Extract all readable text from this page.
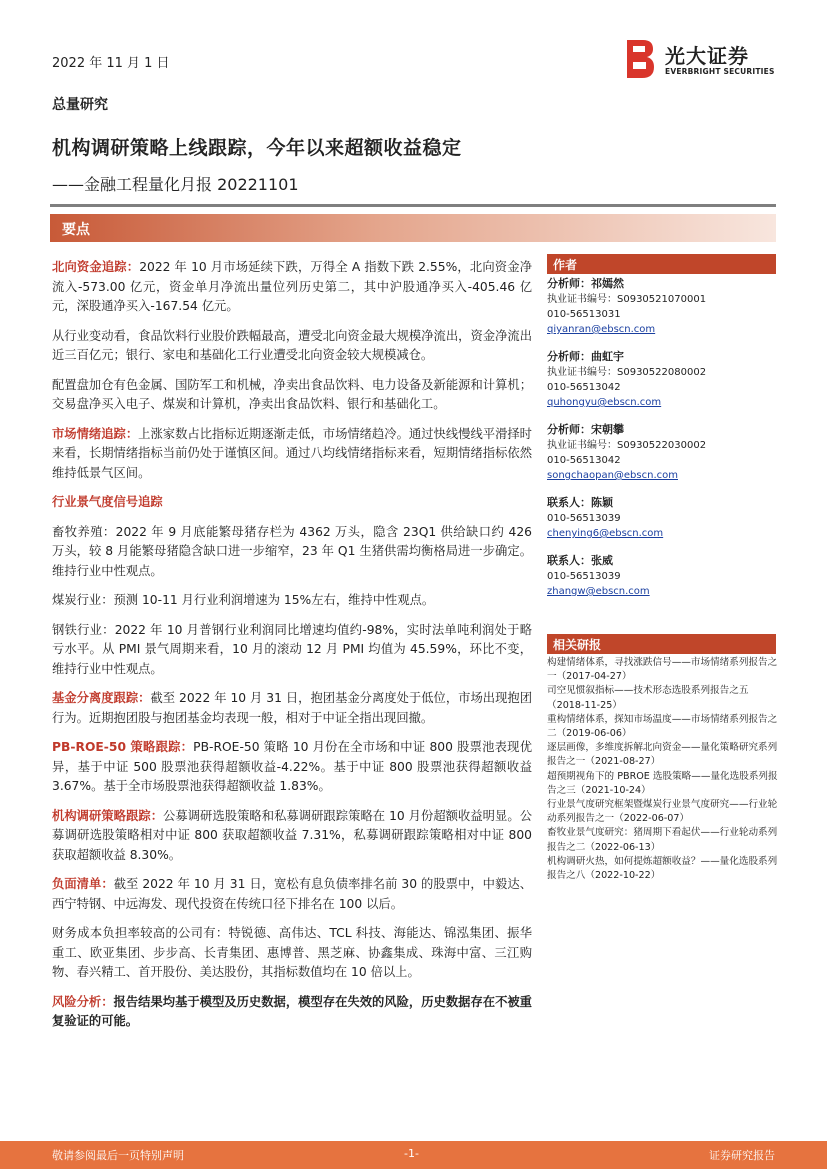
2022 年 11 月 1 日	光大证券
EVERBRIGHT SECURITIES
总量研究
机构调研策略上线跟踪，今年以来超额收益稳定
——金融工程量化月报 20221101
要点

北向资金追踪：2022 年 10 月市场延续下跌，万得全 A 指数下跌 2.55%，北向资金净流入-573.00 亿元，资金单月净流出量位列历史第二，其中沪股通净买入-405.46 亿元，深股通净买入-167.54 亿元。

从行业变动看，食品饮料行业股价跌幅最高，遭受北向资金最大规模净流出，资金净流出近三百亿元；银行、家电和基础化工行业遭受北向资金较大规模减仓。

配置盘加仓有色金属、国防军工和机械，净卖出食品饮料、电力设备及新能源和计算机；交易盘净买入电子、煤炭和计算机，净卖出食品饮料、银行和基础化工。

市场情绪追踪：上涨家数占比指标近期逐渐走低，市场情绪趋冷。通过快线慢线平滑择时来看，长期情绪指标当前仍处于谨慎区间。通过八均线情绪指标来看，短期情绪指标依然维持低景气区间。

行业景气度信号追踪

畜牧养殖：2022 年 9 月底能繁母猪存栏为 4362 万头，隐含 23Q1 供给缺口约 426 万头，较 8 月能繁母猪隐含缺口进一步缩窄，23 年 Q1 生猪供需均衡格局进一步确定。维持行业中性观点。

煤炭行业：预测 10-11 月行业利润增速为 15%左右，维持中性观点。

钢铁行业：2022 年 10 月普钢行业利润同比增速均值约-98%，实时法单吨利润处于略亏水平。从 PMI 景气周期来看，10 月的滚动 12 月 PMI 均值为 45.59%，环比不变，维持行业中性观点。

基金分离度跟踪：截至 2022 年 10 月 31 日，抱团基金分离度处于低位，市场出现抱团行为。近期抱团股与抱团基金均表现一般，相对于中证全指出现回撤。

PB-ROE-50 策略跟踪：PB-ROE-50 策略 10 月份在全市场和中证 800 股票池表现优异，基于中证 500 股票池获得超额收益-4.22%。基于中证 800 股票池获得超额收益 3.67%。基于全市场股票池获得超额收益 1.83%。

机构调研策略跟踪：公募调研选股策略和私募调研跟踪策略在 10 月份超额收益明显。公募调研选股策略相对中证 800 获取超额收益 7.31%，私募调研跟踪策略相对中证 800 获取超额收益 8.30%。

负面清单：截至 2022 年 10 月 31 日，宽松有息负债率排名前 30 的股票中，中毅达、西宁特钢、中远海发、现代投资在传统口径下排名在 100 以后。

财务成本负担率较高的公司有：特锐德、高伟达、TCL 科技、海能达、锦泓集团、振华重工、欧亚集团、步步高、长青集团、惠博普、黑芝麻、协鑫集成、珠海中富、三江购物、春兴精工、首开股份、美达股份，其指标数值均在 10 倍以上。

风险分析：报告结果均基于模型及历史数据，模型存在失效的风险，历史数据存在不被重复验证的可能。

作者
分析师：祁嫣然
执业证书编号：S0930521070001
010-56513031
qiyanran@ebscn.com
分析师：曲虹宇
执业证书编号：S0930522080002
010-56513042
quhongyu@ebscn.com
分析师：宋朝攀
执业证书编号：S0930522030002
010-56513042
songchaopan@ebscn.com
联系人：陈颖
010-56513039
chenying6@ebscn.com
联系人：张威
010-56513039
zhangw@ebscn.com
相关研报
构建情绪体系，寻找涨跌信号——市场情绪系列报告之一（2017-04-27）
司空见惯叙指标——技术形态选股系列报告之五（2018-11-25）
重构情绪体系，探知市场温度——市场情绪系列报告之二（2019-06-06）
逐层画像，多维度拆解北向资金——量化策略研究系列报告之一（2021-08-27）
超预期视角下的 PBROE 选股策略——量化选股系列报告之三（2021-10-24）
行业景气度研究框架暨煤炭行业景气度研究——行业轮动系列报告之一（2022-06-07）
畜牧业景气度研究：猪周期下看起伏——行业轮动系列报告之二（2022-06-13）
机构调研火热，如何提炼超额收益？——量化选股系列报告之八（2022-10-22）
敬请参阅最后一页特别声明	-1-	证券研究报告
